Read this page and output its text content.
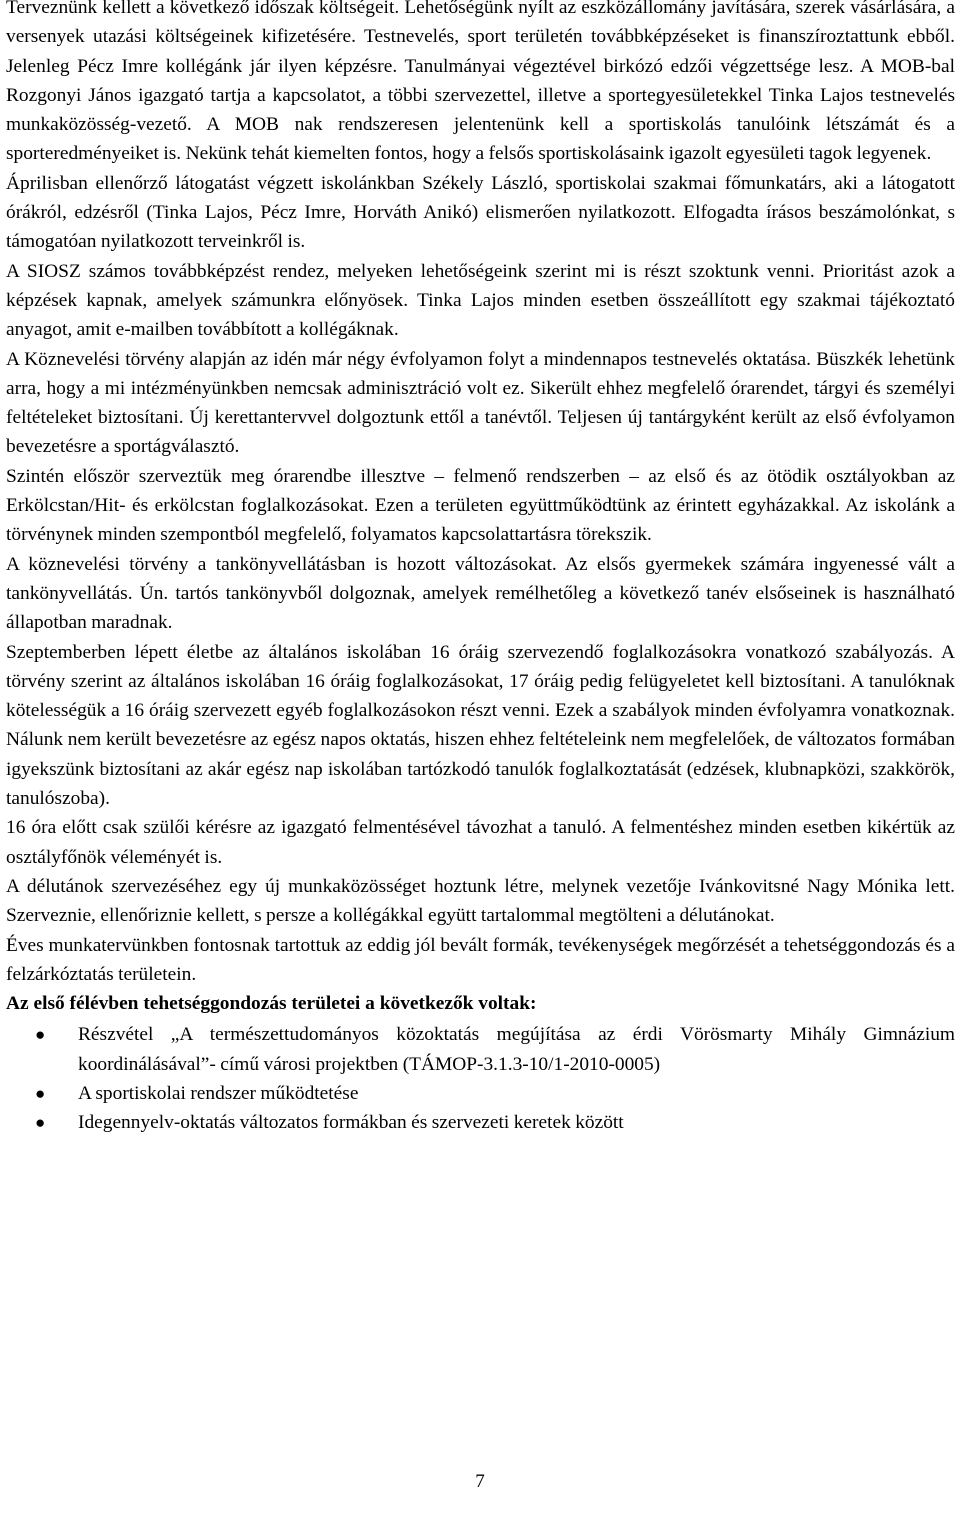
Terveznünk kellett a következő időszak költségeit. Lehetőségünk nyílt az eszközállomány javítására, szerek vásárlására, a versenyek utazási költségeinek kifizetésére. Testnevelés, sport területén továbbképzéseket is finanszíroztattunk ebből. Jelenleg Pécz Imre kollégánk jár ilyen képzésre. Tanulmányai végeztével birkózó edzői végzettsége lesz. A MOB-bal Rozgonyi János igazgató tartja a kapcsolatot, a többi szervezettel, illetve a sportegyesületekkel Tinka Lajos testnevelés munkaközösség-vezető. A MOB nak rendszeresen jelentenünk kell a sportiskolás tanulóink létszámát és a sporteredményeiket is. Nekünk tehát kiemelten fontos, hogy a felsős sportiskolásaink igazolt egyesületi tagok legyenek.

Áprilisban ellenőrző látogatást végzett iskolánkban Székely László, sportiskolai szakmai főmunkatárs, aki a látogatott órákról, edzésről (Tinka Lajos, Pécz Imre, Horváth Anikó) elismerően nyilatkozott. Elfogadta írásos beszámolónkat, s támogatóan nyilatkozott terveinkről is.

A SIOSZ számos továbbképzést rendez, melyeken lehetőségeink szerint mi is részt szoktunk venni. Prioritást azok a képzések kapnak, amelyek számunkra előnyösek. Tinka Lajos minden esetben összeállított egy szakmai tájékoztató anyagot, amit e-mailben továbbított a kollégáknak.

A Köznevelési törvény alapján az idén már négy évfolyamon folyt a mindennapos testnevelés oktatása. Büszkék lehetünk arra, hogy a mi intézményünkben nemcsak adminisztráció volt ez. Sikerült ehhez megfelelő órarendet, tárgyi és személyi feltételeket biztosítani. Új kerettantervvel dolgoztunk ettől a tanévtől. Teljesen új tantárgyként került az első évfolyamon bevezetésre a sportágválasztó.

Szintén először szerveztük meg órarendbe illesztve – felmenő rendszerben – az első és az ötödik osztályokban az Erkölcstan/Hit- és erkölcstan foglalkozásokat. Ezen a területen együttműködtünk az érintett egyházakkal. Az iskolánk a törvénynek minden szempontból megfelelő, folyamatos kapcsolattartásra törekszik.

A köznevelési törvény a tankönyvellátásban is hozott változásokat. Az elsős gyermekek számára ingyenessé vált a tankönyvellátás. Ún. tartós tankönyvből dolgoznak, amelyek remélhetőleg a következő tanév elsőseinek is használható állapotban maradnak.

Szeptemberben lépett életbe az általános iskolában 16 óráig szervezendő foglalkozásokra vonatkozó szabályozás. A törvény szerint az általános iskolában 16 óráig foglalkozásokat, 17 óráig pedig felügyeletet kell biztosítani. A tanulóknak kötelességük a 16 óráig szervezett egyéb foglalkozásokon részt venni. Ezek a szabályok minden évfolyamra vonatkoznak. Nálunk nem került bevezetésre az egész napos oktatás, hiszen ehhez feltételeink nem megfelelőek, de változatos formában igyekszünk biztosítani az akár egész nap iskolában tartózkodó tanulók foglalkoztatását (edzések, klubnapközi, szakkörök, tanulószoba).

16 óra előtt csak szülői kérésre az igazgató felmentésével távozhat a tanuló. A felmentéshez minden esetben kikértük az osztályfőnök véleményét is.

A délutánok szervezéséhez egy új munkaközösséget hoztunk létre, melynek vezetője Ivánkovitsné Nagy Mónika lett. Szerveznie, ellenőriznie kellett, s persze a kollégákkal együtt tartalommal megtölteni a délutánokat.

Éves munkatervünkben fontosnak tartottuk az eddig jól bevált formák, tevékenységek megőrzését a tehetséggondozás és a felzárkóztatás területein.

Az első félévben tehetséggondozás területei a következők voltak:

● Részvétel „A természettudományos közoktatás megújítása az érdi Vörösmarty Mihály Gimnázium koordinálásával”- című városi projektben (TÁMOP-3.1.3-10/1-2010-0005)
● A sportiskolai rendszer működtetése
● Idegennyelv-oktatás változatos formákban és szervezeti keretek között
7
